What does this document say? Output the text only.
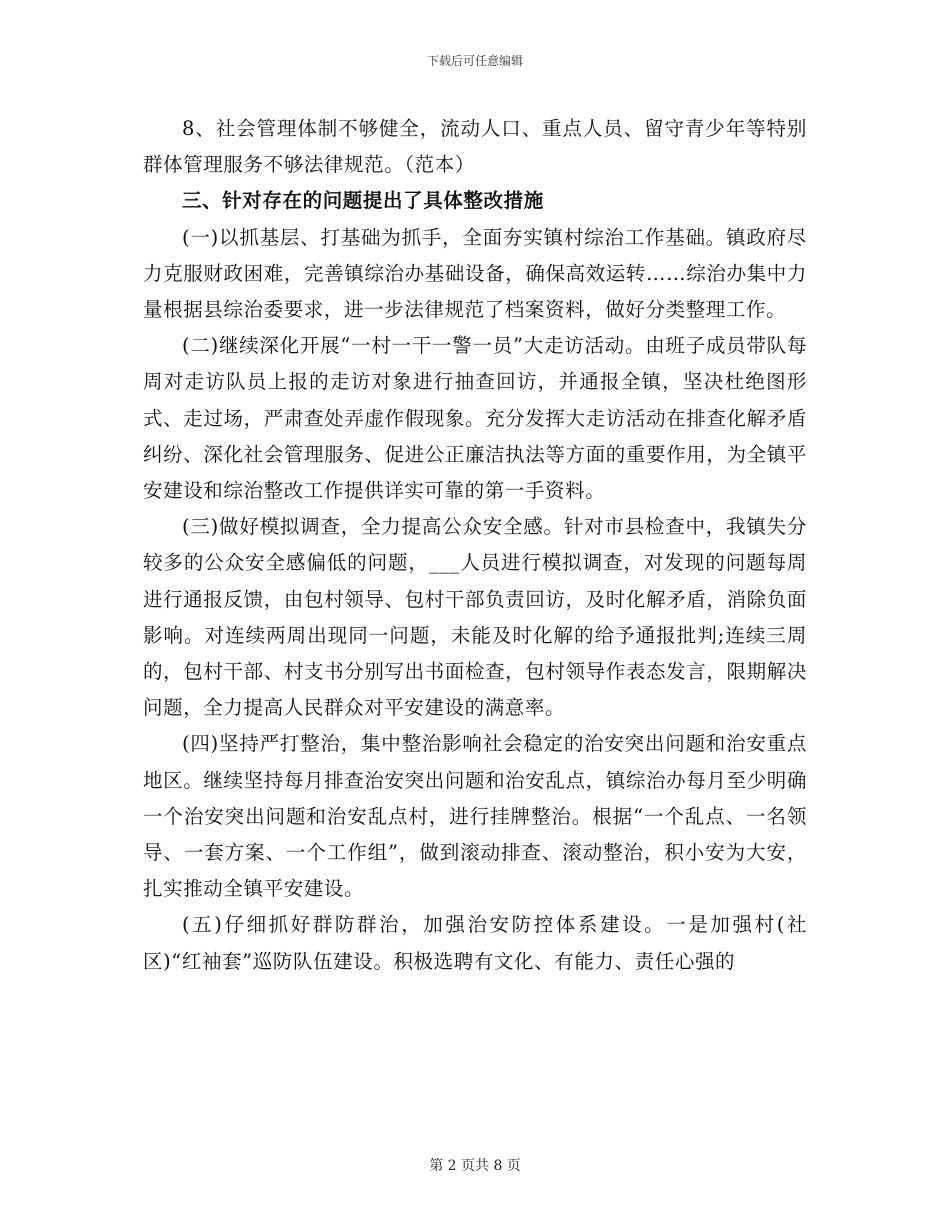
下载后可任意编辑

8、社会管理体制不够健全，流动人口、重点人员、留守青少年等特别群体管理服务不够法律规范。（范本）

三、针对存在的问题提出了具体整改措施

(一)以抓基层、打基础为抓手，全面夯实镇村综治工作基础。镇政府尽力克服财政困难，完善镇综治办基础设备，确保高效运转……综治办集中力量根据县综治委要求，进一步法律规范了档案资料，做好分类整理工作。

(二)继续深化开展“一村一干一警一员”大走访活动。由班子成员带队每周对走访队员上报的走访对象进行抽查回访，并通报全镇，坚决杜绝图形式、走过场，严肃查处弄虚作假现象。充分发挥大走访活动在排查化解矛盾纠纷、深化社会管理服务、促进公正廉洁执法等方面的重要作用，为全镇平安建设和综治整改工作提供详实可靠的第一手资料。

(三)做好模拟调查，全力提高公众安全感。针对市县检查中，我镇失分较多的公众安全感偏低的问题，___人员进行模拟调查，对发现的问题每周进行通报反馈，由包村领导、包村干部负责回访，及时化解矛盾，消除负面影响。对连续两周出现同一问题，未能及时化解的给予通报批判;连续三周的，包村干部、村支书分别写出书面检查，包村领导作表态发言，限期解决问题，全力提高人民群众对平安建设的满意率。

(四)坚持严打整治，集中整治影响社会稳定的治安突出问题和治安重点地区。继续坚持每月排查治安突出问题和治安乱点，镇综治办每月至少明确一个治安突出问题和治安乱点村，进行挂牌整治。根据“一个乱点、一名领导、一套方案、一个工作组”，做到滚动排查、滚动整治，积小安为大安，扎实推动全镇平安建设。

(五)仔细抓好群防群治，加强治安防控体系建设。一是加强村(社区)“红袖套”巡防队伍建设。积极选聘有文化、有能力、责任心强的

第 2 页共 8 页
